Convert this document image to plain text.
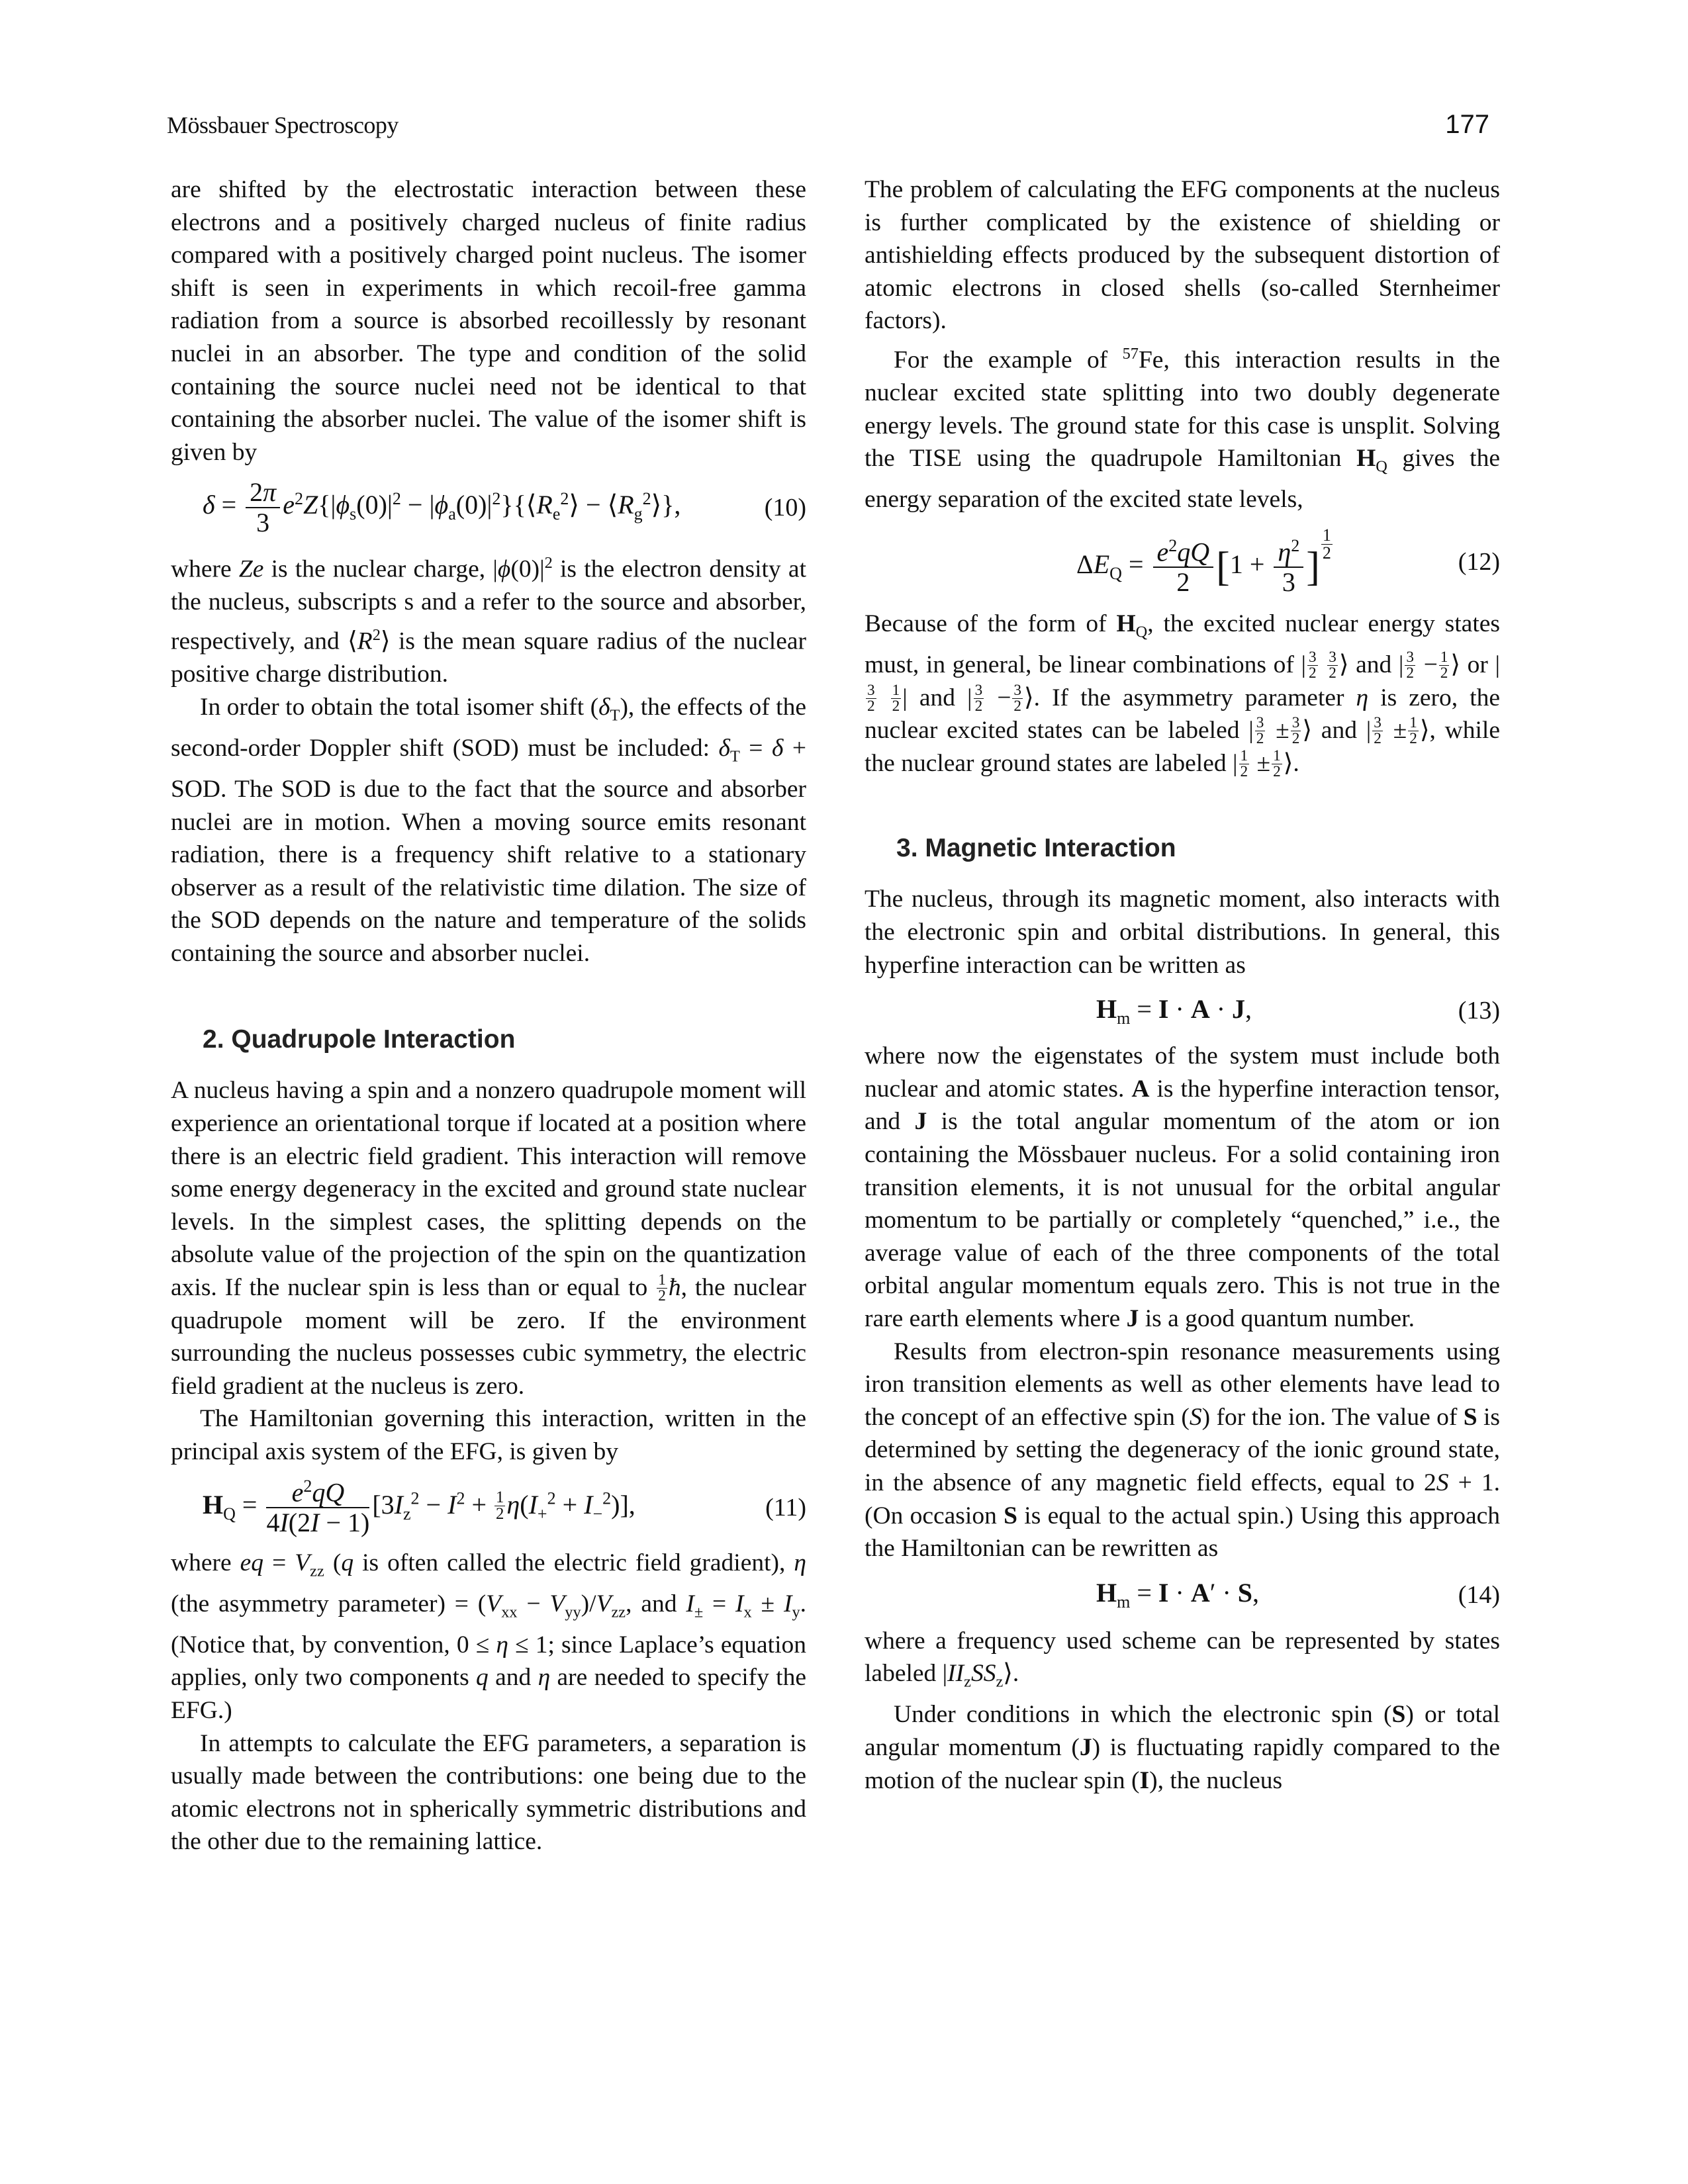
Mössbauer Spectroscopy	177

are shifted by the electrostatic interaction between these electrons and a positively charged nucleus of finite radius compared with a positively charged point nucleus. The isomer shift is seen in experiments in which recoil-free gamma radiation from a source is absorbed recoillessly by resonant nuclei in an absorber. The type and condition of the solid containing the source nuclei need not be identical to that containing the absorber nuclei. The value of the isomer shift is given by

$\delta = \frac{2\pi}{3} e^2Z\{|\phi_s(0)|^2$ − $|\phi_a(0)|^2\}\{⟨R_e^2⟩$ − $⟨R_g^2⟩$},	(10)

where Ze is the nuclear charge, $|\phi(0)|^2$ is the electron density at the nucleus, subscripts s and a refer to the source and absorber, respectively, and $⟨R^2⟩$ is the mean square radius of the nuclear positive charge distribution.

In order to obtain the total isomer shift $(\delta_T)$, the effects of the second-order Doppler shift (SOD) must be included: $\delta_T = \delta$ + SOD. The SOD is due to the fact that the source and absorber nuclei are in motion. When a moving source emits resonant radiation, there is a frequency shift relative to a stationary observer as a result of the relativistic time dilation. The size of the SOD depends on the nature and temperature of the solids containing the source and absorber nuclei.

2. Quadrupole Interaction

A nucleus having a spin and a nonzero quadrupole moment will experience an orientational torque if located at a position where there is an electric field gradient. This interaction will remove some energy degeneracy in the excited and ground state nuclear levels. In the simplest cases, the splitting depends on the absolute value of the projection of the spin on the quantization axis. If the nuclear spin is less than or equal to $\frac{1}{2}$ ħ, the nuclear quadrupole moment will be zero. If the environment surrounding the nucleus possesses cubic symmetry, the electric field gradient at the nucleus is zero.

The Hamiltonian governing this interaction, written in the principal axis system of the EFG, is given by

$H_Q = \frac{e^2qQ}{4I(2I - 1)} [3I_z^2 - I^2 + \frac{1}{2} \eta(I_+^2 + I_-^2)]$,	(11)

where eq = $V_{zz}$ (q is often called the electric field gradient), η (the asymmetry parameter) = $(V_{xx} - V_{yy})/V_{zz}$, and $I_\pm = I_x \pm I_y$. (Notice that, by convention, 0 ≤ η ≤ 1; since Laplace’s equation applies, only two components q and η are needed to specify the EFG.)

In attempts to calculate the EFG parameters, a separation is usually made between the contributions: one being due to the atomic electrons not in spherically symmetric distributions and the other due to the remaining lattice.

The problem of calculating the EFG components at the nucleus is further complicated by the existence of shielding or antishielding effects produced by the subsequent distortion of atomic electrons in closed shells (so-called Sternheimer factors).

For the example of $^{57}$Fe, this interaction results in the nuclear excited state splitting into two doubly degenerate energy levels. The ground state for this case is unsplit. Solving the TISE using the quadrupole Hamiltonian $H_Q$ gives the energy separation of the excited state levels,

$\Delta E_Q = \frac{e^2qQ}{2} [1 + \frac{\eta^2}{3}$ ] $^{\frac{1}{2}}$
(12)

Because of the form of $H_Q$, the excited nuclear energy states must, in general, be linear combinations of | $\frac{3}{2}$
$\frac{3}{2}$ ⟩ and | $\frac{3}{2} - \frac{1}{2}$ ⟩ or |
$\frac{3}{2}$
$\frac{1}{2}$ | and | $\frac{3}{2} - \frac{3}{2}$ ⟩. If the asymmetry parameter η is zero, the nuclear excited states can be labeled | $\frac{3}{2} \pm \frac{3}{2}$ ⟩ and | $\frac{3}{2} \pm \frac{1}{2}$ ⟩, while the nuclear ground states are labeled | $\frac{1}{2} \pm \frac{1}{2}$ ⟩.

3. Magnetic Interaction

The nucleus, through its magnetic moment, also interacts with the electronic spin and orbital distributions. In general, this hyperfine interaction can be written as

$H_m = I \cdot A \cdot J$,	(13)

where now the eigenstates of the system must include both nuclear and atomic states. A is the hyperfine interaction tensor, and J is the total angular momentum of the atom or ion containing the Mössbauer nucleus. For a solid containing iron transition elements, it is not unusual for the orbital angular momentum to be partially or completely “quenched,” i.e., the average value of each of the three components of the total orbital angular momentum equals zero. This is not true in the rare earth elements where J is a good quantum number.

Results from electron-spin resonance measurements using iron transition elements as well as other elements have lead to the concept of an effective spin (S) for the ion. The value of S is determined by setting the degeneracy of the ionic ground state, in the absence of any magnetic field effects, equal to 2S + 1. (On occasion S is equal to the actual spin.) Using this approach the Hamiltonian can be rewritten as

$H_m = I \cdot A' \cdot S$,	(14)

where a frequency used scheme can be represented by states labeled $|II_zSS_z⟩$.

Under conditions in which the electronic spin (S) or total angular momentum (J) is fluctuating rapidly compared to the motion of the nuclear spin (I), the nucleus
